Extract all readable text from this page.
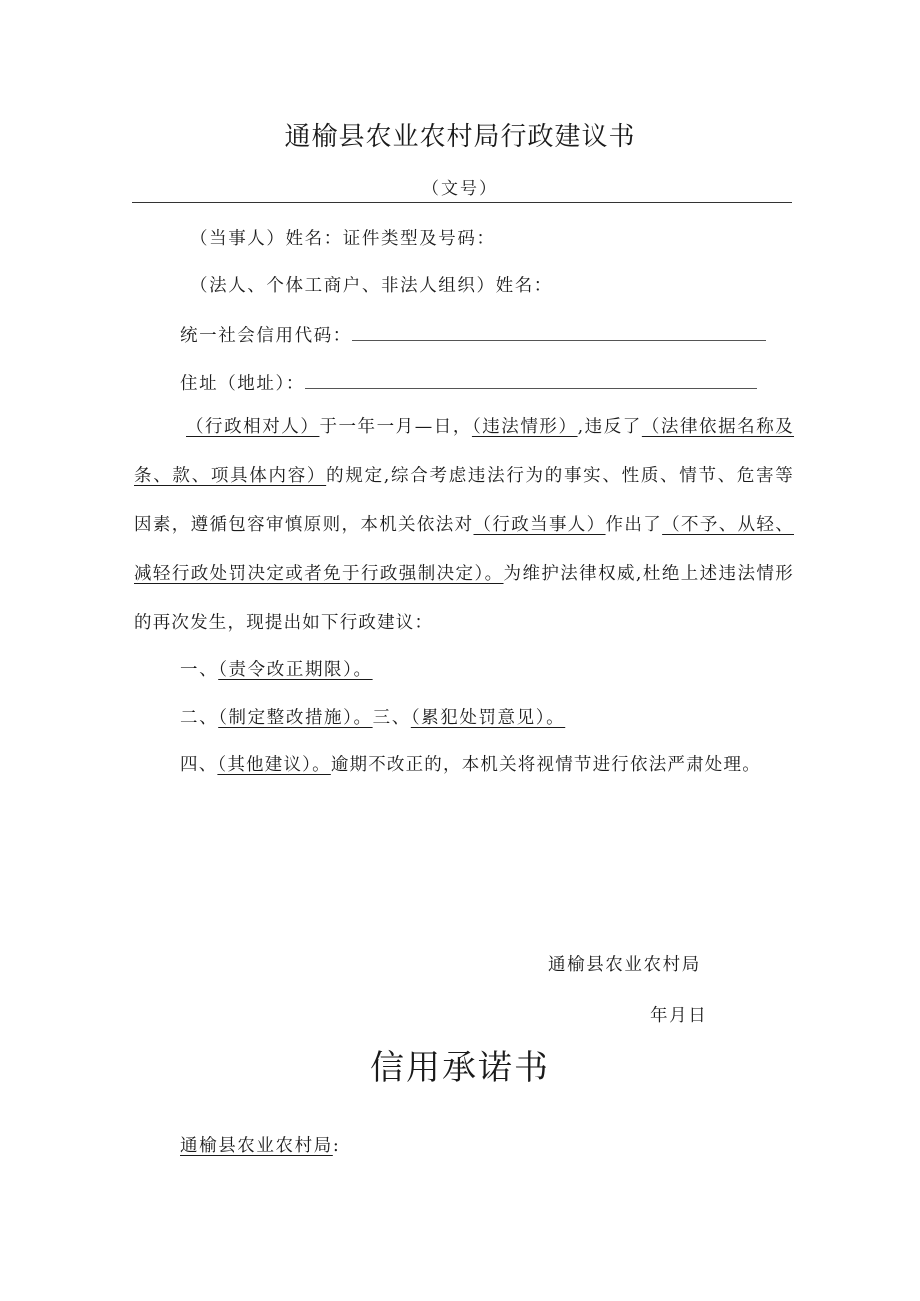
通榆县农业农村局行政建议书
（文号）
（当事人）姓名：证件类型及号码：
（法人、个体工商户、非法人组织）姓名：
统一社会信用代码：
住址（地址）：
（行政相对人）于一年一月—日，（违法情形）,违反了（法律依据名称及条、款、项具体内容）的规定,综合考虑违法行为的事实、性质、情节、危害等因素，遵循包容审慎原则，本机关依法对（行政当事人）作出了（不予、从轻、减轻行政处罚决定或者免于行政强制决定）。为维护法律权威,杜绝上述违法情形的再次发生，现提出如下行政建议：
一、（责令改正期限）。
二、（制定整改措施）。三、（累犯处罚意见）。
四、（其他建议）。逾期不改正的，本机关将视情节进行依法严肃处理。
通榆县农业农村局
年月日
信用承诺书
通榆县农业农村局:
